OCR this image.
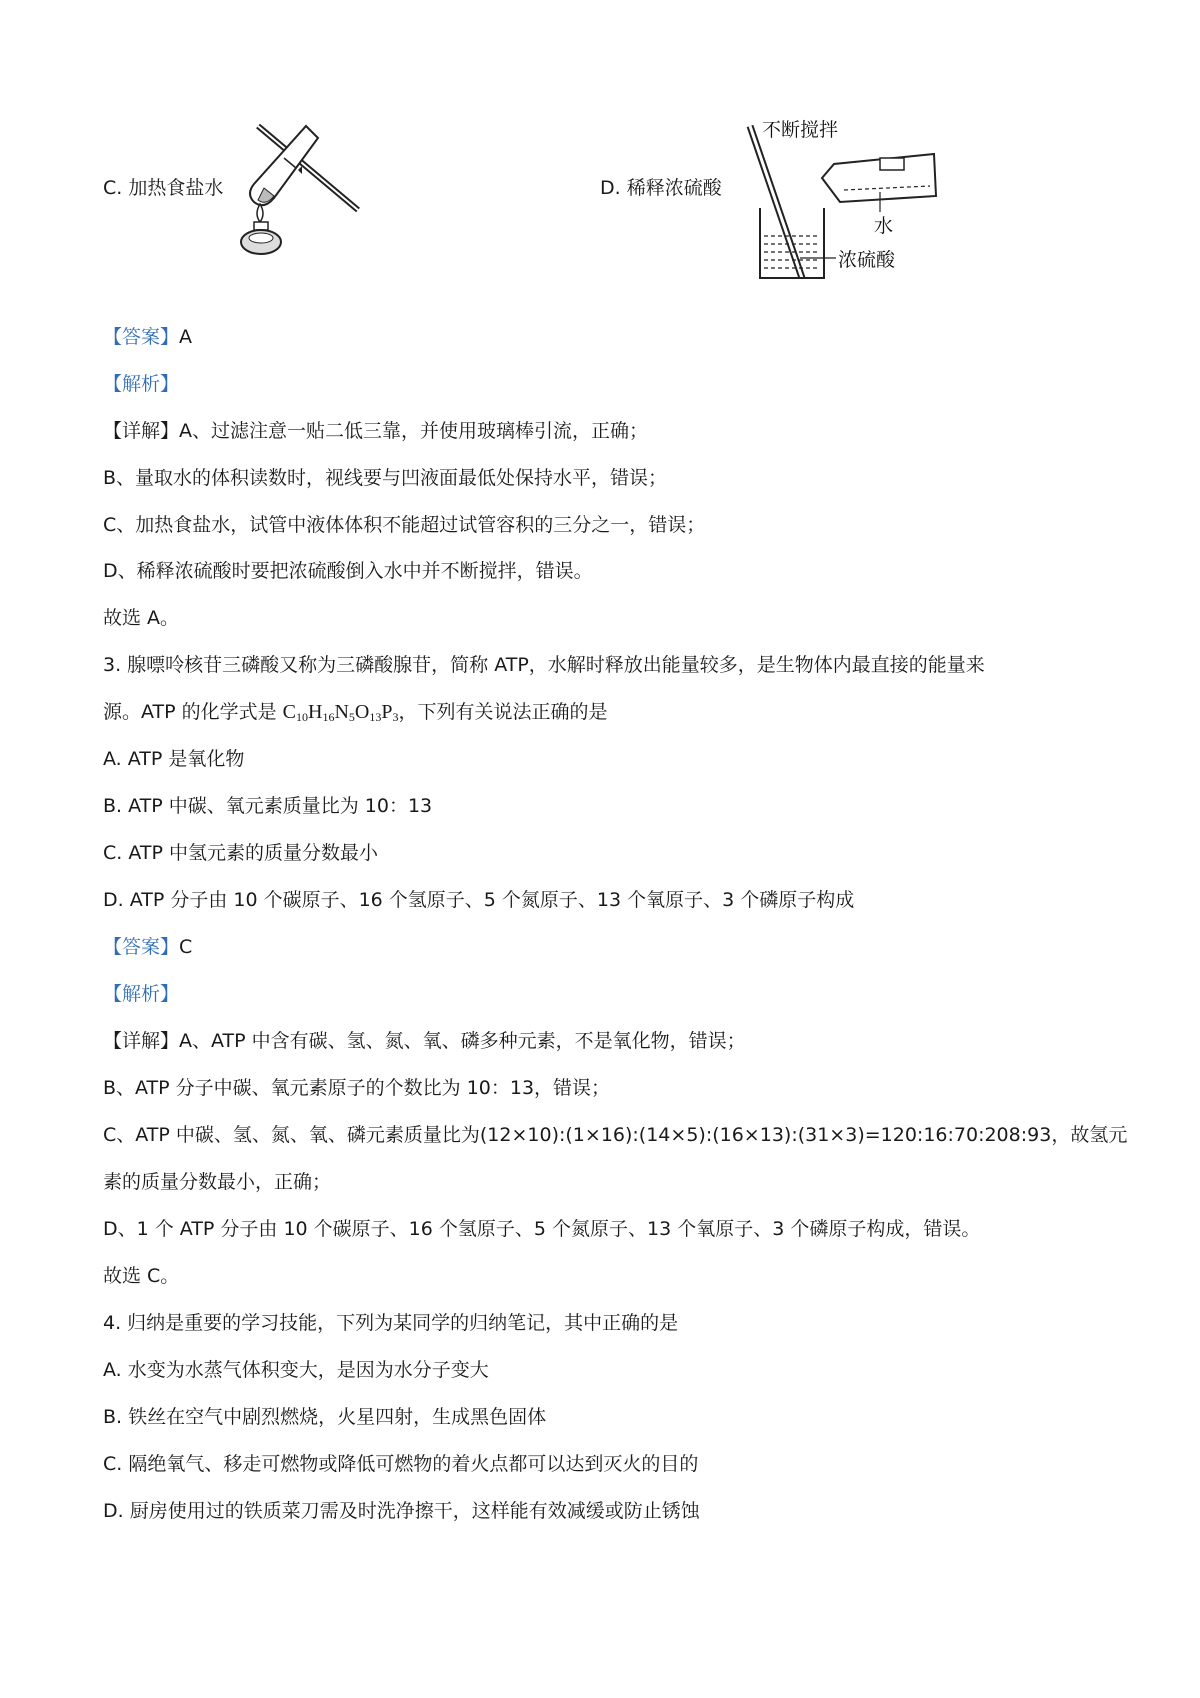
C. 加热食盐水	D. 稀释浓硫酸
不断搅拌
水
浓硫酸
【答案】A
【解析】
【详解】A、过滤注意一贴二低三靠，并使用玻璃棒引流，正确；
B、量取水的体积读数时，视线要与凹液面最低处保持水平，错误；
C、加热食盐水，试管中液体体积不能超过试管容积的三分之一，错误；
D、稀释浓硫酸时要把浓硫酸倒入水中并不断搅拌，错误。
故选 A。
3. 腺嘌呤核苷三磷酸又称为三磷酸腺苷，简称 ATP，水解时释放出能量较多，是生物体内最直接的能量来
源。ATP 的化学式是 $C_{10}H_{16}N_5O_{13}P_3$，下列有关说法正确的是
A. ATP 是氧化物
B. ATP 中碳、氧元素质量比为 10：13
C. ATP 中氢元素的质量分数最小
D. ATP 分子由 10 个碳原子、16 个氢原子、5 个氮原子、13 个氧原子、3 个磷原子构成
【答案】C
【解析】
【详解】A、ATP 中含有碳、氢、氮、氧、磷多种元素，不是氧化物，错误；
B、ATP 分子中碳、氧元素原子的个数比为 10：13，错误；
C、ATP 中碳、氢、氮、氧、磷元素质量比为(12×10):(1×16):(14×5):(16×13):(31×3)=120:16:70:208:93，故氢元
素的质量分数最小，正确；
D、1 个 ATP 分子由 10 个碳原子、16 个氢原子、5 个氮原子、13 个氧原子、3 个磷原子构成，错误。
故选 C。
4. 归纳是重要的学习技能，下列为某同学的归纳笔记，其中正确的是
A. 水变为水蒸气体积变大，是因为水分子变大
B. 铁丝在空气中剧烈燃烧，火星四射，生成黑色固体
C. 隔绝氧气、移走可燃物或降低可燃物的着火点都可以达到灭火的目的
D. 厨房使用过的铁质菜刀需及时洗净擦干，这样能有效减缓或防止锈蚀
